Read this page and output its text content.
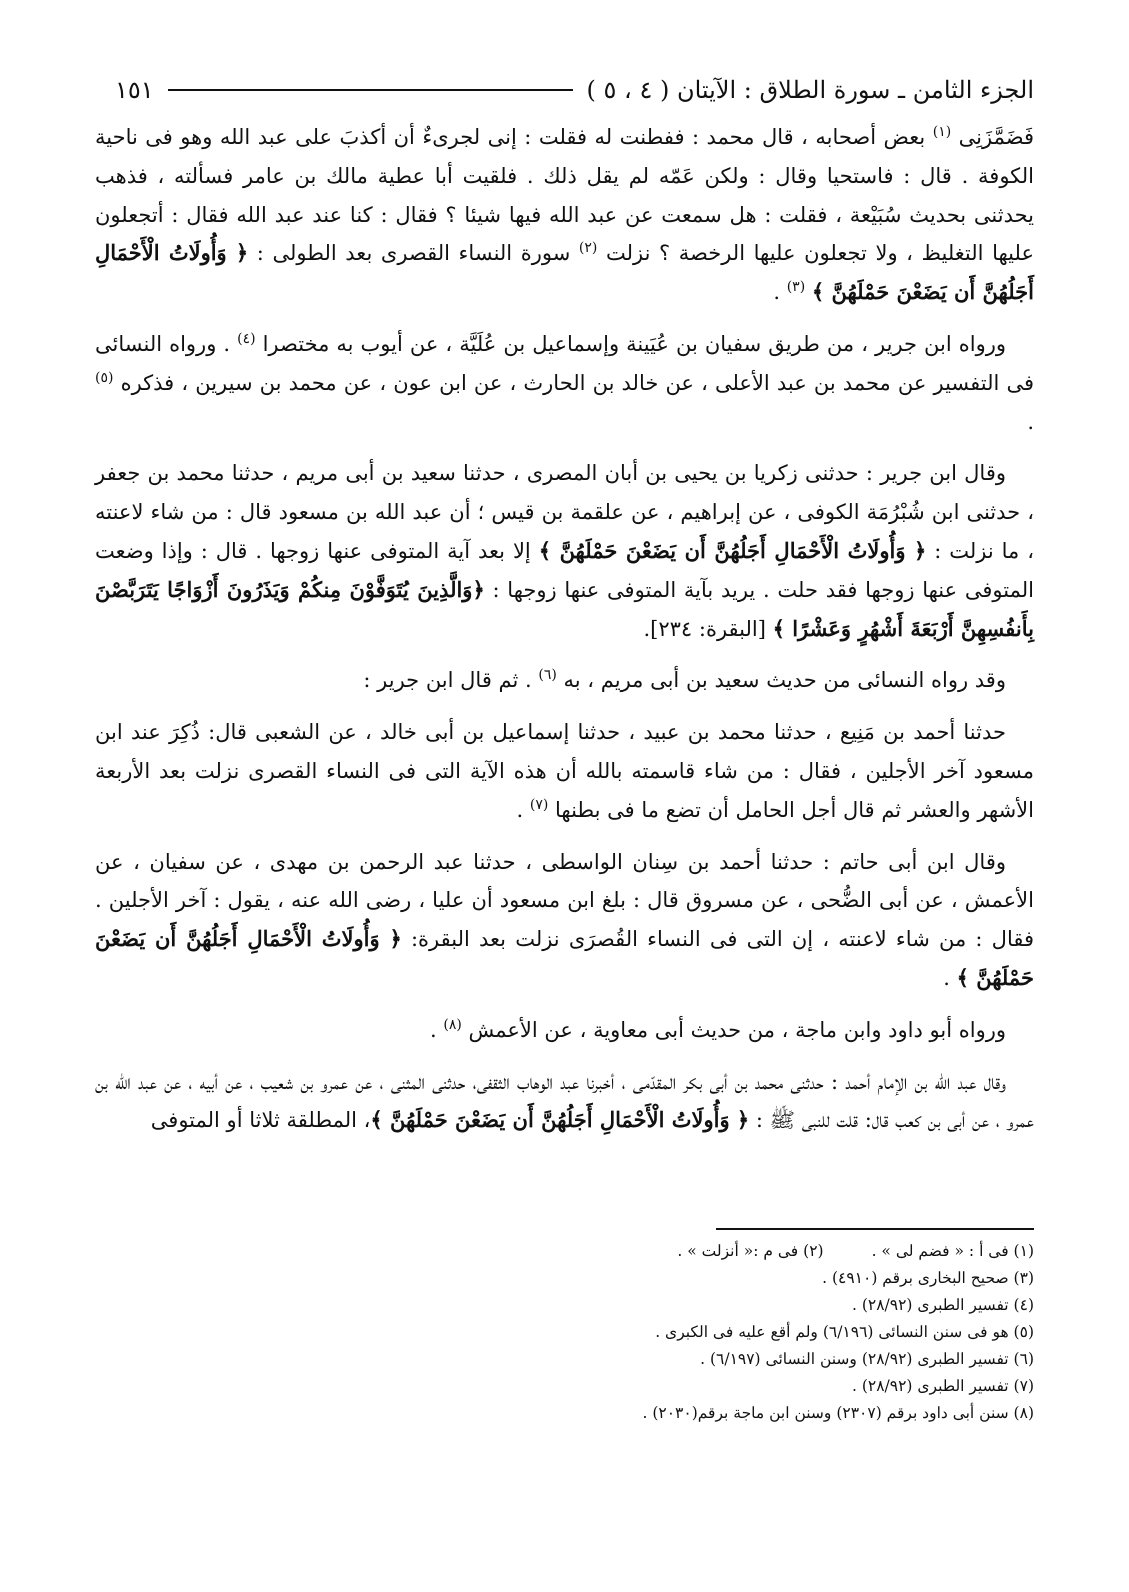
الجزء الثامن ـ سورة الطلاق : الآيتان ( ٤ ، ٥ )
١٥١

فَضَمَّزَنِى $^{(١)}$ بعض أصحابه ، قال محمد : ففطنت له فقلت : إنى لجرىءٌ أن أكذبَ على عبد الله وهو فى ناحية الكوفة . قال : فاستحيا وقال : ولكن عَمّه لم يقل ذلك . فلقيت أبا عطية مالك بن عامر فسألته ، فذهب يحدثنى بحديث سُبَيْعة ، فقلت : هل سمعت عن عبد الله فيها شيئا ؟ فقال : كنا عند عبد الله فقال : أتجعلون عليها التغليظ ، ولا تجعلون عليها الرخصة ؟ نزلت $^{(٢)}$ سورة النساء القصرى بعد الطولى : ﴿ وَأُولَاتُ الْأَحْمَالِ أَجَلُهُنَّ أَن يَضَعْنَ حَمْلَهُنَّ ﴾ $^{(٣)}$ .

ورواه ابن جرير ، من طريق سفيان بن عُيَينة وإسماعيل بن عُلَيَّة ، عن أيوب به مختصرا $^{(٤)}$ . ورواه النسائى فى التفسير عن محمد بن عبد الأعلى ، عن خالد بن الحارث ، عن ابن عون ، عن محمد بن سيرين ، فذكره $^{(٥)}$ .

وقال ابن جرير : حدثنى زكريا بن يحيى بن أبان المصرى ، حدثنا سعيد بن أبى مريم ، حدثنا محمد بن جعفر ، حدثنى ابن شُبْرُمَة الكوفى ، عن إبراهيم ، عن علقمة بن قيس ؛ أن عبد الله بن مسعود قال : من شاء لاعنته ، ما نزلت : ﴿ وَأُولَاتُ الْأَحْمَالِ أَجَلُهُنَّ أَن يَضَعْنَ حَمْلَهُنَّ ﴾ إلا بعد آية المتوفى عنها زوجها . قال : وإذا وضعت المتوفى عنها زوجها فقد حلت . يريد بآية المتوفى عنها زوجها : ﴿وَالَّذِينَ يُتَوَفَّوْنَ مِنكُمْ وَيَذَرُونَ أَزْوَاجًا يَتَرَبَّصْنَ بِأَنفُسِهِنَّ أَرْبَعَةَ أَشْهُرٍ وَعَشْرًا ﴾ [البقرة: ٢٣٤].

وقد رواه النسائى من حديث سعيد بن أبى مريم ، به $^{(٦)}$ . ثم قال ابن جرير :

حدثنا أحمد بن مَنِيع ، حدثنا محمد بن عبيد ، حدثنا إسماعيل بن أبى خالد ، عن الشعبى قال: ذُكِرَ عند ابن مسعود آخر الأجلين ، فقال : من شاء قاسمته بالله أن هذه الآية التى فى النساء القصرى نزلت بعد الأربعة الأشهر والعشر ثم قال أجل الحامل أن تضع ما فى بطنها $^{(٧)}$ .

وقال ابن أبى حاتم : حدثنا أحمد بن سِنان الواسطى ، حدثنا عبد الرحمن بن مهدى ، عن سفيان ، عن الأعمش ، عن أبى الضُّحى ، عن مسروق قال : بلغ ابن مسعود أن عليا ، رضى الله عنه ، يقول : آخر الأجلين . فقال : من شاء لاعنته ، إن التى فى النساء القُصرَى نزلت بعد البقرة: ﴿ وَأُولَاتُ الْأَحْمَالِ أَجَلُهُنَّ أَن يَضَعْنَ حَمْلَهُنَّ ﴾ .

ورواه أبو داود وابن ماجة ، من حديث أبى معاوية ، عن الأعمش $^{(٨)}$ .

وقال عبد الله بن الإمام أحمد : حدثنى محمد بن أبى بكر المقدّمى ، أخبرنا عبد الوهاب الثقفى، حدثنى المثنى ، عن عمرو بن شعيب ، عن أبيه ، عن عبد الله بن عمرو ، عن أبى بن كعب قال: قلت للنبى ﷺ : ﴿ وَأُولَاتُ الْأَحْمَالِ أَجَلُهُنَّ أَن يَضَعْنَ حَمْلَهُنَّ ﴾، المطلقة ثلاثا أو المتوفى

(١) فى أ : « فضم لى » .
(٢) فى م :« أنزلت » .
(٣) صحيح البخارى برقم (٤٩١٠) .
(٤) تفسير الطبرى (٢٨/٩٢) .
(٥) هو فى سنن النسائى (٦/١٩٦) ولم أقع عليه فى الكبرى .
(٦) تفسير الطبرى (٢٨/٩٢) وسنن النسائى (٦/١٩٧) .
(٧) تفسير الطبرى (٢٨/٩٢) .
(٨) سنن أبى داود برقم (٢٣٠٧) وسنن ابن ماجة برقم(٢٠٣٠) .
